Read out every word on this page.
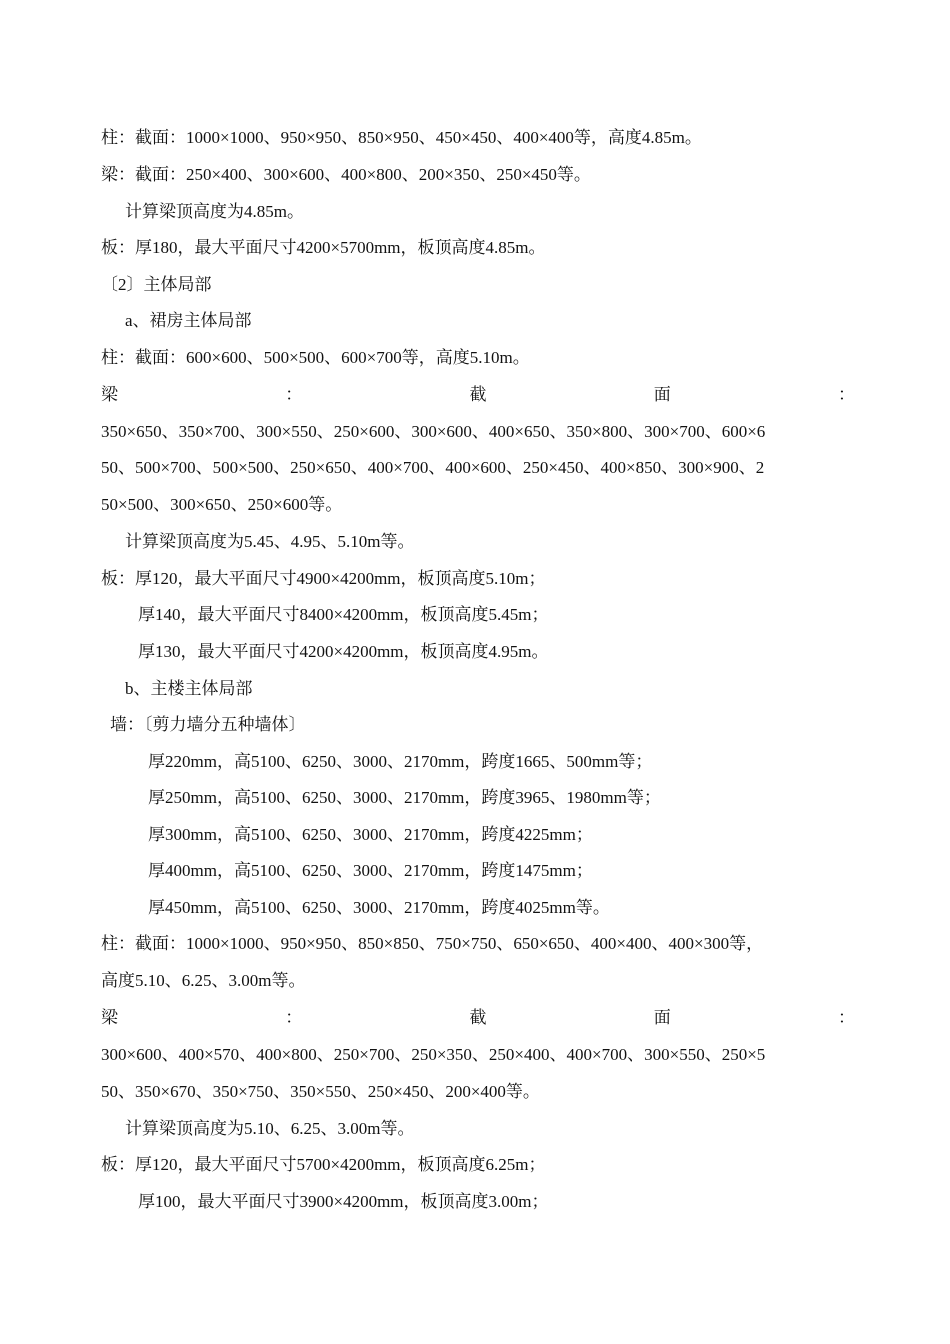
柱：截面：1000×1000、950×950、850×950、450×450、400×400等，高度4.85m。
梁：截面：250×400、300×600、400×800、200×350、250×450等。
计算梁顶高度为4.85m。
板：厚180，最大平面尺寸4200×5700mm，板顶高度4.85m。
〔2〕主体局部
a、裙房主体局部
柱：截面：600×600、500×500、600×700等，高度5.10m。
梁	：	截	面	：
350×650、350×700、300×550、250×600、300×600、400×650、350×800、300×700、600×6
50、500×700、500×500、250×650、400×700、400×600、250×450、400×850、300×900、2
50×500、300×650、250×600等。
计算梁顶高度为5.45、4.95、5.10m等。
板：厚120，最大平面尺寸4900×4200mm，板顶高度5.10m；
厚140，最大平面尺寸8400×4200mm，板顶高度5.45m；
厚130，最大平面尺寸4200×4200mm，板顶高度4.95m。
b、主楼主体局部
墙：〔剪力墙分五种墙体〕
厚220mm，高5100、6250、3000、2170mm，跨度1665、500mm等；
厚250mm，高5100、6250、3000、2170mm，跨度3965、1980mm等；
厚300mm，高5100、6250、3000、2170mm，跨度4225mm；
厚400mm，高5100、6250、3000、2170mm，跨度1475mm；
厚450mm，高5100、6250、3000、2170mm，跨度4025mm等。
柱：截面：1000×1000、950×950、850×850、750×750、650×650、400×400、400×300等，
高度5.10、6.25、3.00m等。
梁	：	截	面	：
300×600、400×570、400×800、250×700、250×350、250×400、400×700、300×550、250×5
50、350×670、350×750、350×550、250×450、200×400等。
计算梁顶高度为5.10、6.25、3.00m等。
板：厚120，最大平面尺寸5700×4200mm，板顶高度6.25m；
厚100，最大平面尺寸3900×4200mm，板顶高度3.00m；
